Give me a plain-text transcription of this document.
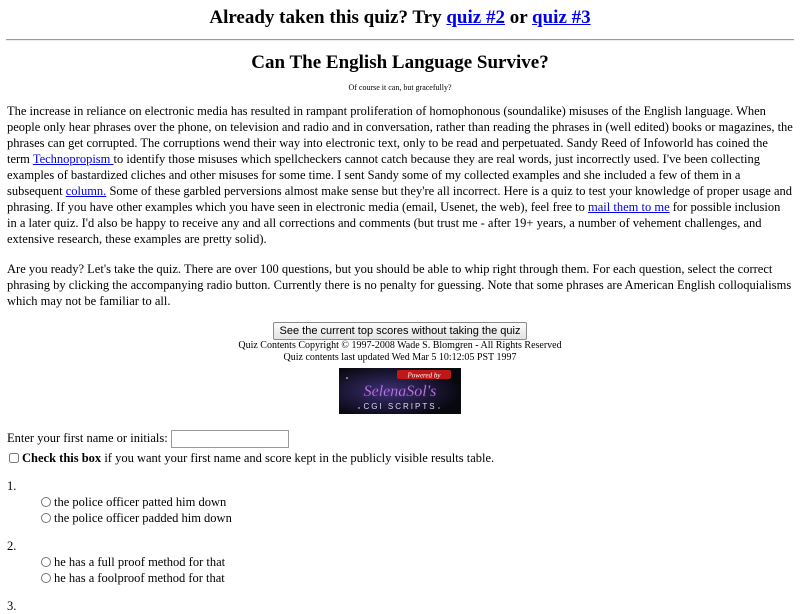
Already taken this quiz? Try quiz #2 or quiz #3
Can The English Language Survive?
Of course it can, but gracefully?

The increase in reliance on electronic media has resulted in rampant proliferation of homophonous (soundalike) misuses of the English language. When people only hear phrases over the phone, on television and radio and in conversation, rather than reading the phrases in (well edited) books or magazines, the phrases can get corrupted. The corruptions wend their way into electronic text, only to be read and perpetuated. Sandy Reed of Infoworld has coined the term Technopropism to identify those misuses which spellcheckers cannot catch because they are real words, just incorrectly used. I've been collecting examples of bastardized cliches and other misuses for some time. I sent Sandy some of my collected examples and she included a few of them in a subsequent column. Some of these garbled perversions almost make sense but they're all incorrect. Here is a quiz to test your knowledge of proper usage and phrasing. If you have other examples which you have seen in electronic media (email, Usenet, the web), feel free to mail them to me for possible inclusion in a later quiz. I'd also be happy to receive any and all corrections and comments (but trust me - after 19+ years, a number of vehement challenges, and extensive research, these examples are pretty solid).

Are you ready? Let's take the quiz. There are over 100 questions, but you should be able to whip right through them. For each question, select the correct phrasing by clicking the accompanying radio button. Currently there is no penalty for guessing. Note that some phrases are American English colloquialisms which may not be familiar to all.

See the current top scores without taking the quiz
Quiz Contents Copyright © 1997-2008 Wade S. Blomgren - All Rights Reserved
Quiz contents last updated Wed Mar 5 10:12:05 PST 1997
Powered by
SelenaSol's
CGI SCRIPTS
Enter your first name or initials:
Check this box if you want your first name and score kept in the publicly visible results table.
1.
the police officer patted him down
the police officer padded him down
2.
he has a full proof method for that
he has a foolproof method for that
3.
